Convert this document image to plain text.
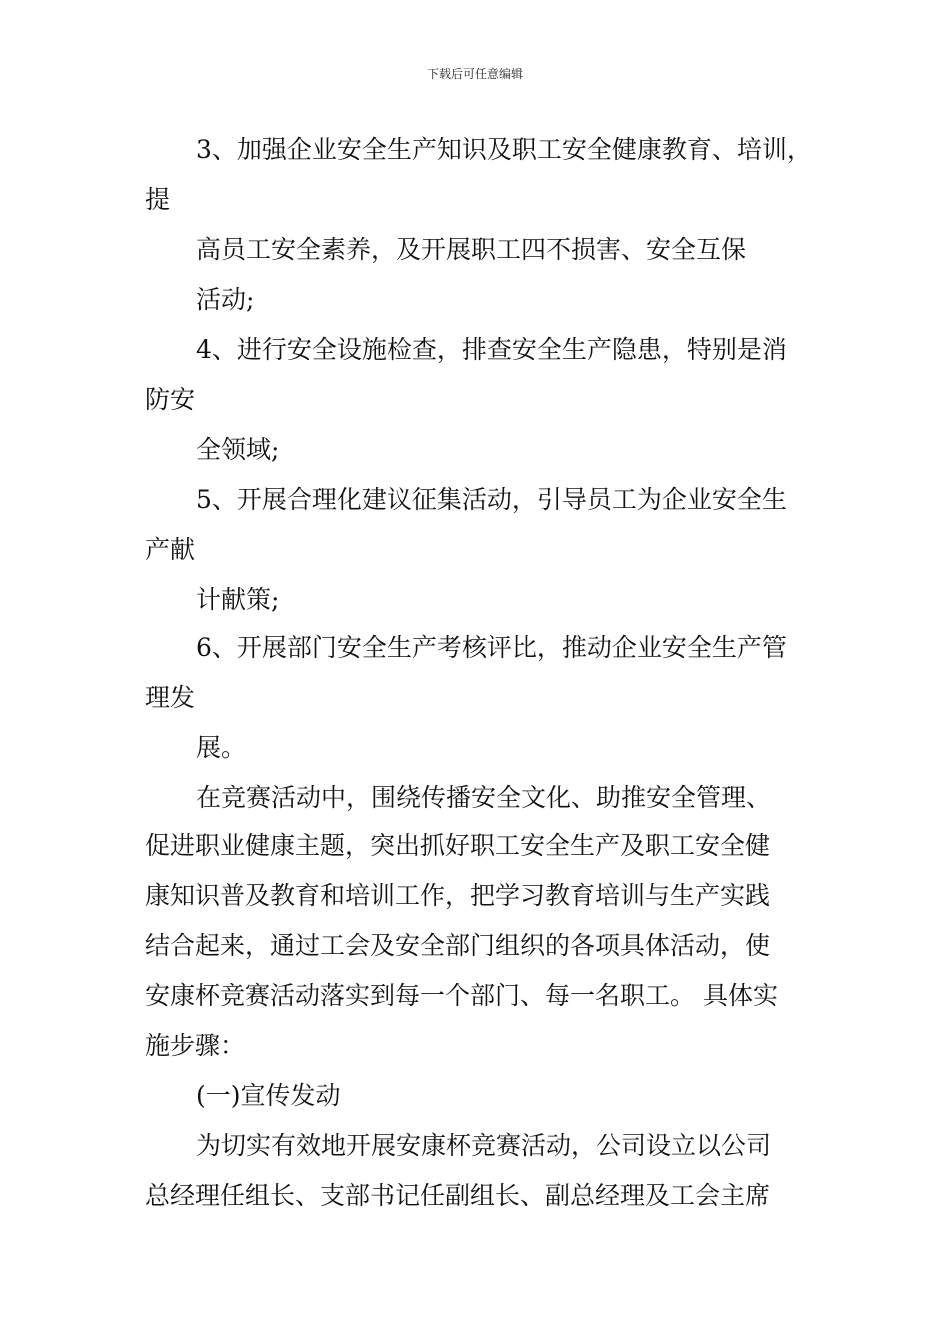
下载后可任意编辑
3、加强企业安全生产知识及职工安全健康教育、培训，
提
高员工安全素养，及开展职工四不损害、安全互保
活动;
4、进行安全设施检查，排查安全生产隐患，特别是消
防安
全领域;
5、开展合理化建议征集活动，引导员工为企业安全生
产献
计献策;
6、开展部门安全生产考核评比，推动企业安全生产管
理发
展。
在竞赛活动中，围绕传播安全文化、助推安全管理、
促进职业健康主题，突出抓好职工安全生产及职工安全健
康知识普及教育和培训工作，把学习教育培训与生产实践
结合起来，通过工会及安全部门组织的各项具体活动，使
安康杯竞赛活动落实到每一个部门、每一名职工。 具体实
施步骤：
(一)宣传发动
为切实有效地开展安康杯竞赛活动，公司设立以公司
总经理任组长、支部书记任副组长、副总经理及工会主席
